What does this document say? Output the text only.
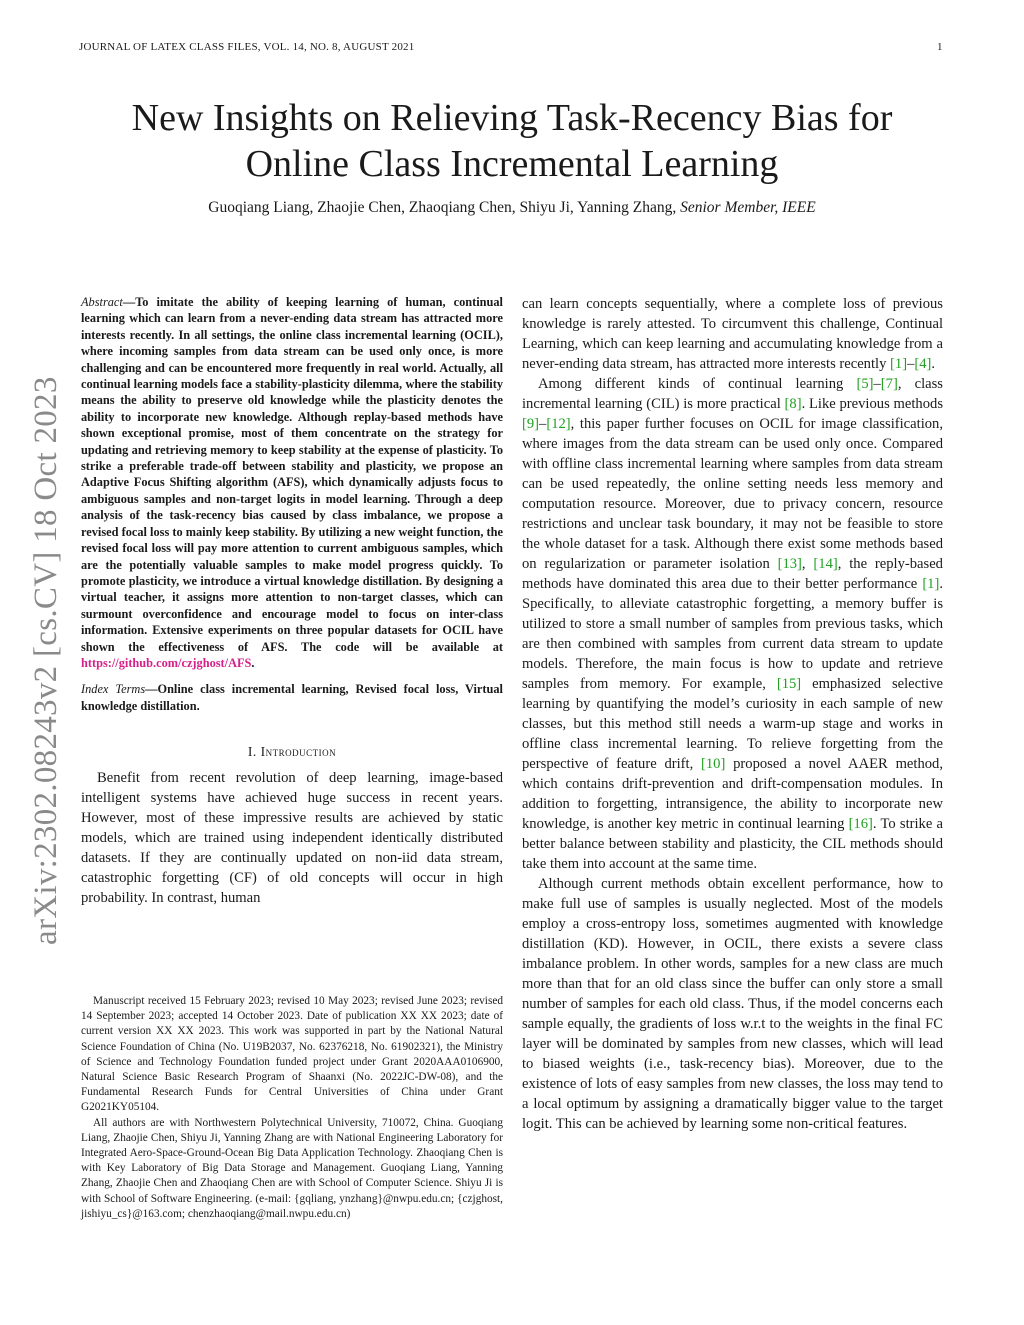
JOURNAL OF LATEX CLASS FILES, VOL. 14, NO. 8, AUGUST 2021	1
arXiv:2302.08243v2 [cs.CV] 18 Oct 2023
New Insights on Relieving Task-Recency Bias for
Online Class Incremental Learning
Guoqiang Liang, Zhaojie Chen, Zhaoqiang Chen, Shiyu Ji, Yanning Zhang, Senior Member, IEEE

Abstract—To imitate the ability of keeping learning of human, continual learning which can learn from a never-ending data stream has attracted more interests recently. In all settings, the online class incremental learning (OCIL), where incoming samples from data stream can be used only once, is more challenging and can be encountered more frequently in real world. Actually, all continual learning models face a stability-plasticity dilemma, where the stability means the ability to preserve old knowledge while the plasticity denotes the ability to incorporate new knowledge. Although replay-based methods have shown exceptional promise, most of them concentrate on the strategy for updating and retrieving memory to keep stability at the expense of plasticity. To strike a preferable trade-off between stability and plasticity, we propose an Adaptive Focus Shifting algorithm (AFS), which dynamically adjusts focus to ambiguous samples and non-target logits in model learning. Through a deep analysis of the task-recency bias caused by class imbalance, we propose a revised focal loss to mainly keep stability. By utilizing a new weight function, the revised focal loss will pay more attention to current ambiguous samples, which are the potentially valuable samples to make model progress quickly. To promote plasticity, we introduce a virtual knowledge distillation. By designing a virtual teacher, it assigns more attention to non-target classes, which can surmount overconfidence and encourage model to focus on inter-class information. Extensive experiments on three popular datasets for OCIL have shown the effectiveness of AFS. The code will be available at https://github.com/czjghost/AFS.

Index Terms—Online class incremental learning, Revised focal loss, Virtual knowledge distillation.

I. Introduction

Benefit from recent revolution of deep learning, image-based intelligent systems have achieved huge success in recent years. However, most of these impressive results are achieved by static models, which are trained using independent identically distributed datasets. If they are continually updated on non-iid data stream, catastrophic forgetting (CF) of old concepts will occur in high probability. In contrast, human

Manuscript received 15 February 2023; revised 10 May 2023; revised June 2023; revised 14 September 2023; accepted 14 October 2023. Date of publication XX XX 2023; date of current version XX XX 2023. This work was supported in part by the National Natural Science Foundation of China (No. U19B2037, No. 62376218, No. 61902321), the Ministry of Science and Technology Foundation funded project under Grant 2020AAA0106900, Natural Science Basic Research Program of Shaanxi (No. 2022JC-DW-08), and the Fundamental Research Funds for Central Universities of China under Grant G2021KY05104.

All authors are with Northwestern Polytechnical University, 710072, China. Guoqiang Liang, Zhaojie Chen, Shiyu Ji, Yanning Zhang are with National Engineering Laboratory for Integrated Aero-Space-Ground-Ocean Big Data Application Technology. Zhaoqiang Chen is with Key Laboratory of Big Data Storage and Management. Guoqiang Liang, Yanning Zhang, Zhaojie Chen and Zhaoqiang Chen are with School of Computer Science. Shiyu Ji is with School of Software Engineering. (e-mail: {gqliang, ynzhang}@nwpu.edu.cn; {czjghost, jishiyu_cs}@163.com; chenzhaoqiang@mail.nwpu.edu.cn)

can learn concepts sequentially, where a complete loss of previous knowledge is rarely attested. To circumvent this challenge, Continual Learning, which can keep learning and accumulating knowledge from a never-ending data stream, has attracted more interests recently [1]–[4].

Among different kinds of continual learning [5]–[7], class incremental learning (CIL) is more practical [8]. Like previous methods [9]–[12], this paper further focuses on OCIL for image classification, where images from the data stream can be used only once. Compared with offline class incremental learning where samples from data stream can be used repeatedly, the online setting needs less memory and computation resource. Moreover, due to privacy concern, resource restrictions and unclear task boundary, it may not be feasible to store the whole dataset for a task. Although there exist some methods based on regularization or parameter isolation [13], [14], the reply-based methods have dominated this area due to their better performance [1]. Specifically, to alleviate catastrophic forgetting, a memory buffer is utilized to store a small number of samples from previous tasks, which are then combined with samples from current data stream to update models. Therefore, the main focus is how to update and retrieve samples from memory. For example, [15] emphasized selective learning by quantifying the model’s curiosity in each sample of new classes, but this method still needs a warm-up stage and works in offline class incremental learning. To relieve forgetting from the perspective of feature drift, [10] proposed a novel AAER method, which contains drift-prevention and drift-compensation modules. In addition to forgetting, intransigence, the ability to incorporate new knowledge, is another key metric in continual learning [16]. To strike a better balance between stability and plasticity, the CIL methods should take them into account at the same time.

Although current methods obtain excellent performance, how to make full use of samples is usually neglected. Most of the models employ a cross-entropy loss, sometimes augmented with knowledge distillation (KD). However, in OCIL, there exists a severe class imbalance problem. In other words, samples for a new class are much more than that for an old class since the buffer can only store a small number of samples for each old class. Thus, if the model concerns each sample equally, the gradients of loss w.r.t to the weights in the final FC layer will be dominated by samples from new classes, which will lead to biased weights (i.e., task-recency bias). Moreover, due to the existence of lots of easy samples from new classes, the loss may tend to a local optimum by assigning a dramatically bigger value to the target logit. This can be achieved by learning some non-critical features.
